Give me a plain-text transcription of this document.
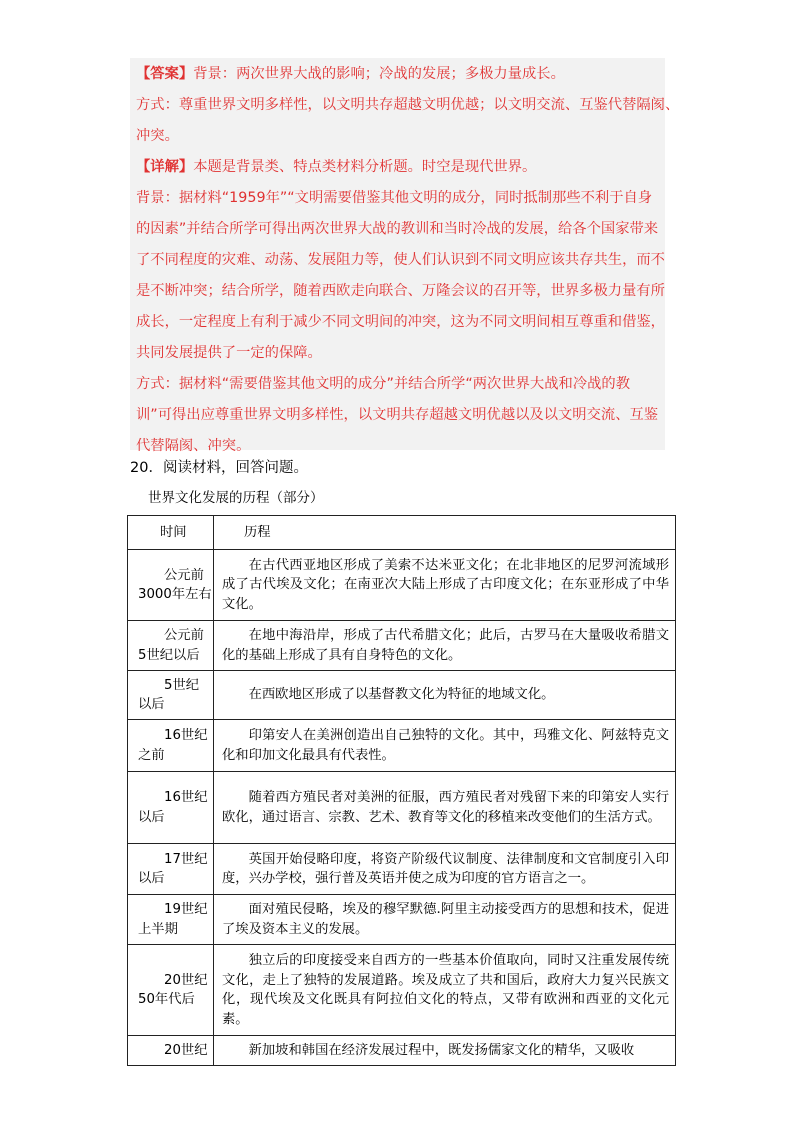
【答案】背景：两次世界大战的影响；冷战的发展；多极力量成长。
方式：尊重世界文明多样性，以文明共存超越文明优越；以文明交流、互鉴代替隔阂、
冲突。
【详解】本题是背景类、特点类材料分析题。时空是现代世界。
背景：据材料“1959年”“文明需要借鉴其他文明的成分，同时抵制那些不利于自身
的因素”并结合所学可得出两次世界大战的教训和当时冷战的发展，给各个国家带来
了不同程度的灾难、动荡、发展阻力等，使人们认识到不同文明应该共存共生，而不
是不断冲突；结合所学，随着西欧走向联合、万隆会议的召开等，世界多极力量有所
成长，一定程度上有利于减少不同文明间的冲突，这为不同文明间相互尊重和借鉴，
共同发展提供了一定的保障。
方式：据材料“需要借鉴其他文明的成分”并结合所学“两次世界大战和冷战的教
训”可得出应尊重世界文明多样性，以文明共存超越文明优越以及以文明交流、互鉴
代替隔阂、冲突。
20．阅读材料，回答问题。
世界文化发展的历程（部分）
时间	历程

公元前
3000年左右	在古代西亚地区形成了美索不达米亚文化；在北非地区的尼罗河流域形成了古代埃及文化；在南亚次大陆上形成了古印度文化；在东亚形成了中华文化。

公元前
5世纪以后	在地中海沿岸，形成了古代希腊文化；此后，古罗马在大量吸收希腊文化的基础上形成了具有自身特色的文化。

5世纪
以后	在西欧地区形成了以基督教文化为特征的地域文化。

16世纪
之前	印第安人在美洲创造出自己独特的文化。其中，玛雅文化、阿兹特克文化和印加文化最具有代表性。

16世纪
以后	随着西方殖民者对美洲的征服，西方殖民者对残留下来的印第安人实行欧化，通过语言、宗教、艺术、教育等文化的移植来改变他们的生活方式。

17世纪
以后	英国开始侵略印度，将资产阶级代议制度、法律制度和文官制度引入印度，兴办学校，强行普及英语并使之成为印度的官方语言之一。

19世纪
上半期	面对殖民侵略，埃及的穆罕默德.阿里主动接受西方的思想和技术，促进了埃及资本主义的发展。

20世纪
50年代后	独立后的印度接受来自西方的一些基本价值取向，同时又注重发展传统文化，走上了独特的发展道路。埃及成立了共和国后，政府大力复兴民族文化，现代埃及文化既具有阿拉伯文化的特点，又带有欧洲和西亚的文化元素。

20世纪	新加坡和韩国在经济发展过程中，既发扬儒家文化的精华，又吸收
